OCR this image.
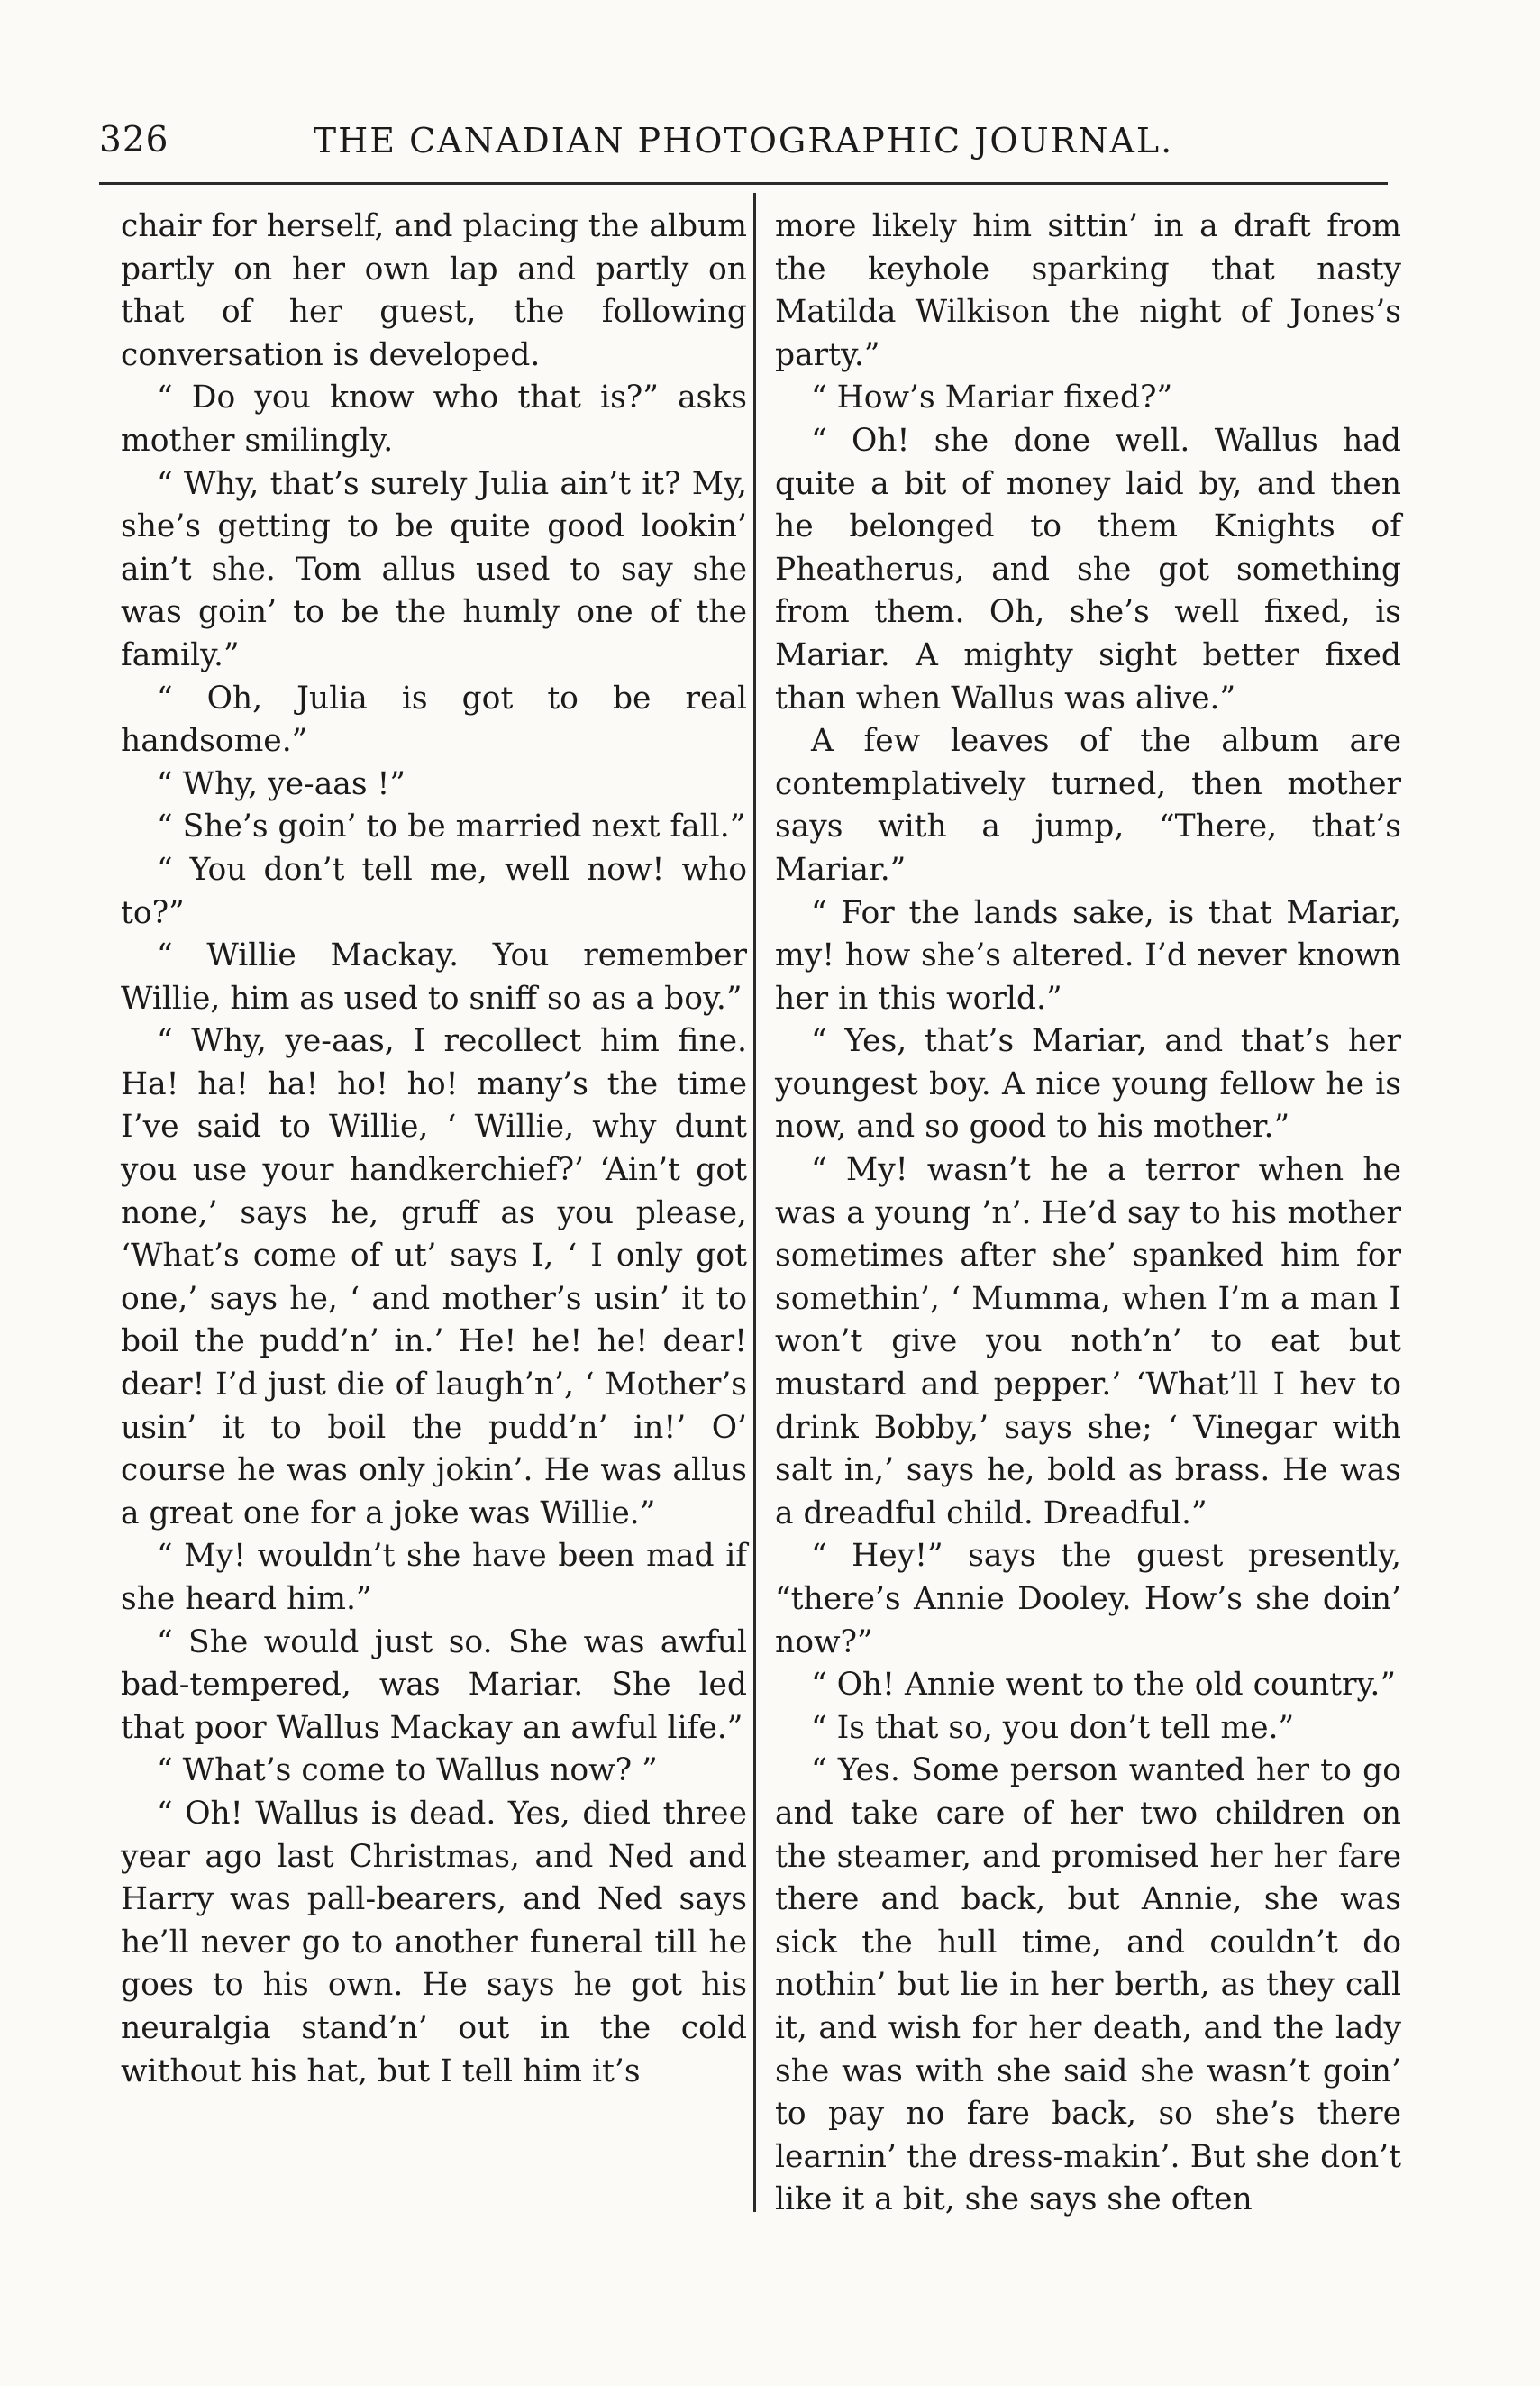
326	THE CANADIAN PHOTOGRAPHIC JOURNAL.

chair for herself, and placing the album partly on her own lap and partly on that of her guest, the following conversation is developed.

“ Do you know who that is?” asks mother smilingly.

“ Why, that’s surely Julia ain’t it? My, she’s getting to be quite good lookin’ ain’t she. Tom allus used to say she was goin’ to be the humly one of the family.”

“ Oh, Julia is got to be real handsome.”

“ Why, ye-aas !”

“ She’s goin’ to be married next fall.”

“ You don’t tell me, well now! who to?”

“ Willie Mackay. You remember Willie, him as used to sniff so as a boy.”

“ Why, ye-aas, I recollect him fine. Ha! ha! ha! ho! ho! many’s the time I’ve said to Willie, ‘ Willie, why dunt you use your handkerchief?’ ‘Ain’t got none,’ says he, gruff as you please, ‘What’s come of ut’ says I, ‘ I only got one,’ says he, ‘ and mother’s usin’ it to boil the pudd’n’ in.’ He! he! he! dear! dear! I’d just die of laugh’n’, ‘ Mother’s usin’ it to boil the pudd’n’ in!’ O’ course he was only jokin’. He was allus a great one for a joke was Willie.”

“ My! wouldn’t she have been mad if she heard him.”

“ She would just so. She was awful bad-tempered, was Mariar. She led that poor Wallus Mackay an awful life.”

“ What’s come to Wallus now? ”

“ Oh! Wallus is dead. Yes, died three year ago last Christmas, and Ned and Harry was pall-bearers, and Ned says he’ll never go to another funeral till he goes to his own. He says he got his neuralgia stand’n’ out in the cold without his hat, but I tell him it’s

more likely him sittin’ in a draft from the keyhole sparking that nasty Matilda Wilkison the night of Jones’s party.”

“ How’s Mariar fixed?”

“ Oh! she done well. Wallus had quite a bit of money laid by, and then he belonged to them Knights of Pheatherus, and she got something from them. Oh, she’s well fixed, is Mariar. A mighty sight better fixed than when Wallus was alive.”

A few leaves of the album are contemplatively turned, then mother says with a jump, “There, that’s Mariar.”

“ For the lands sake, is that Mariar, my! how she’s altered. I’d never known her in this world.”

“ Yes, that’s Mariar, and that’s her youngest boy. A nice young fellow he is now, and so good to his mother.”

“ My! wasn’t he a terror when he was a young ’n’. He’d say to his mother sometimes after she’ spanked him for somethin’, ‘ Mumma, when I’m a man I won’t give you noth’n’ to eat but mustard and pepper.’ ‘What’ll I hev to drink Bobby,’ says she; ‘ Vinegar with salt in,’ says he, bold as brass. He was a dreadful child. Dreadful.”

“ Hey!” says the guest presently, “there’s Annie Dooley. How’s she doin’ now?”

“ Oh! Annie went to the old country.”

“ Is that so, you don’t tell me.”

“ Yes. Some person wanted her to go and take care of her two children on the steamer, and promised her her fare there and back, but Annie, she was sick the hull time, and couldn’t do nothin’ but lie in her berth, as they call it, and wish for her death, and the lady she was with she said she wasn’t goin’ to pay no fare back, so she’s there learnin’ the dress-makin’. But she don’t like it a bit, she says she often
